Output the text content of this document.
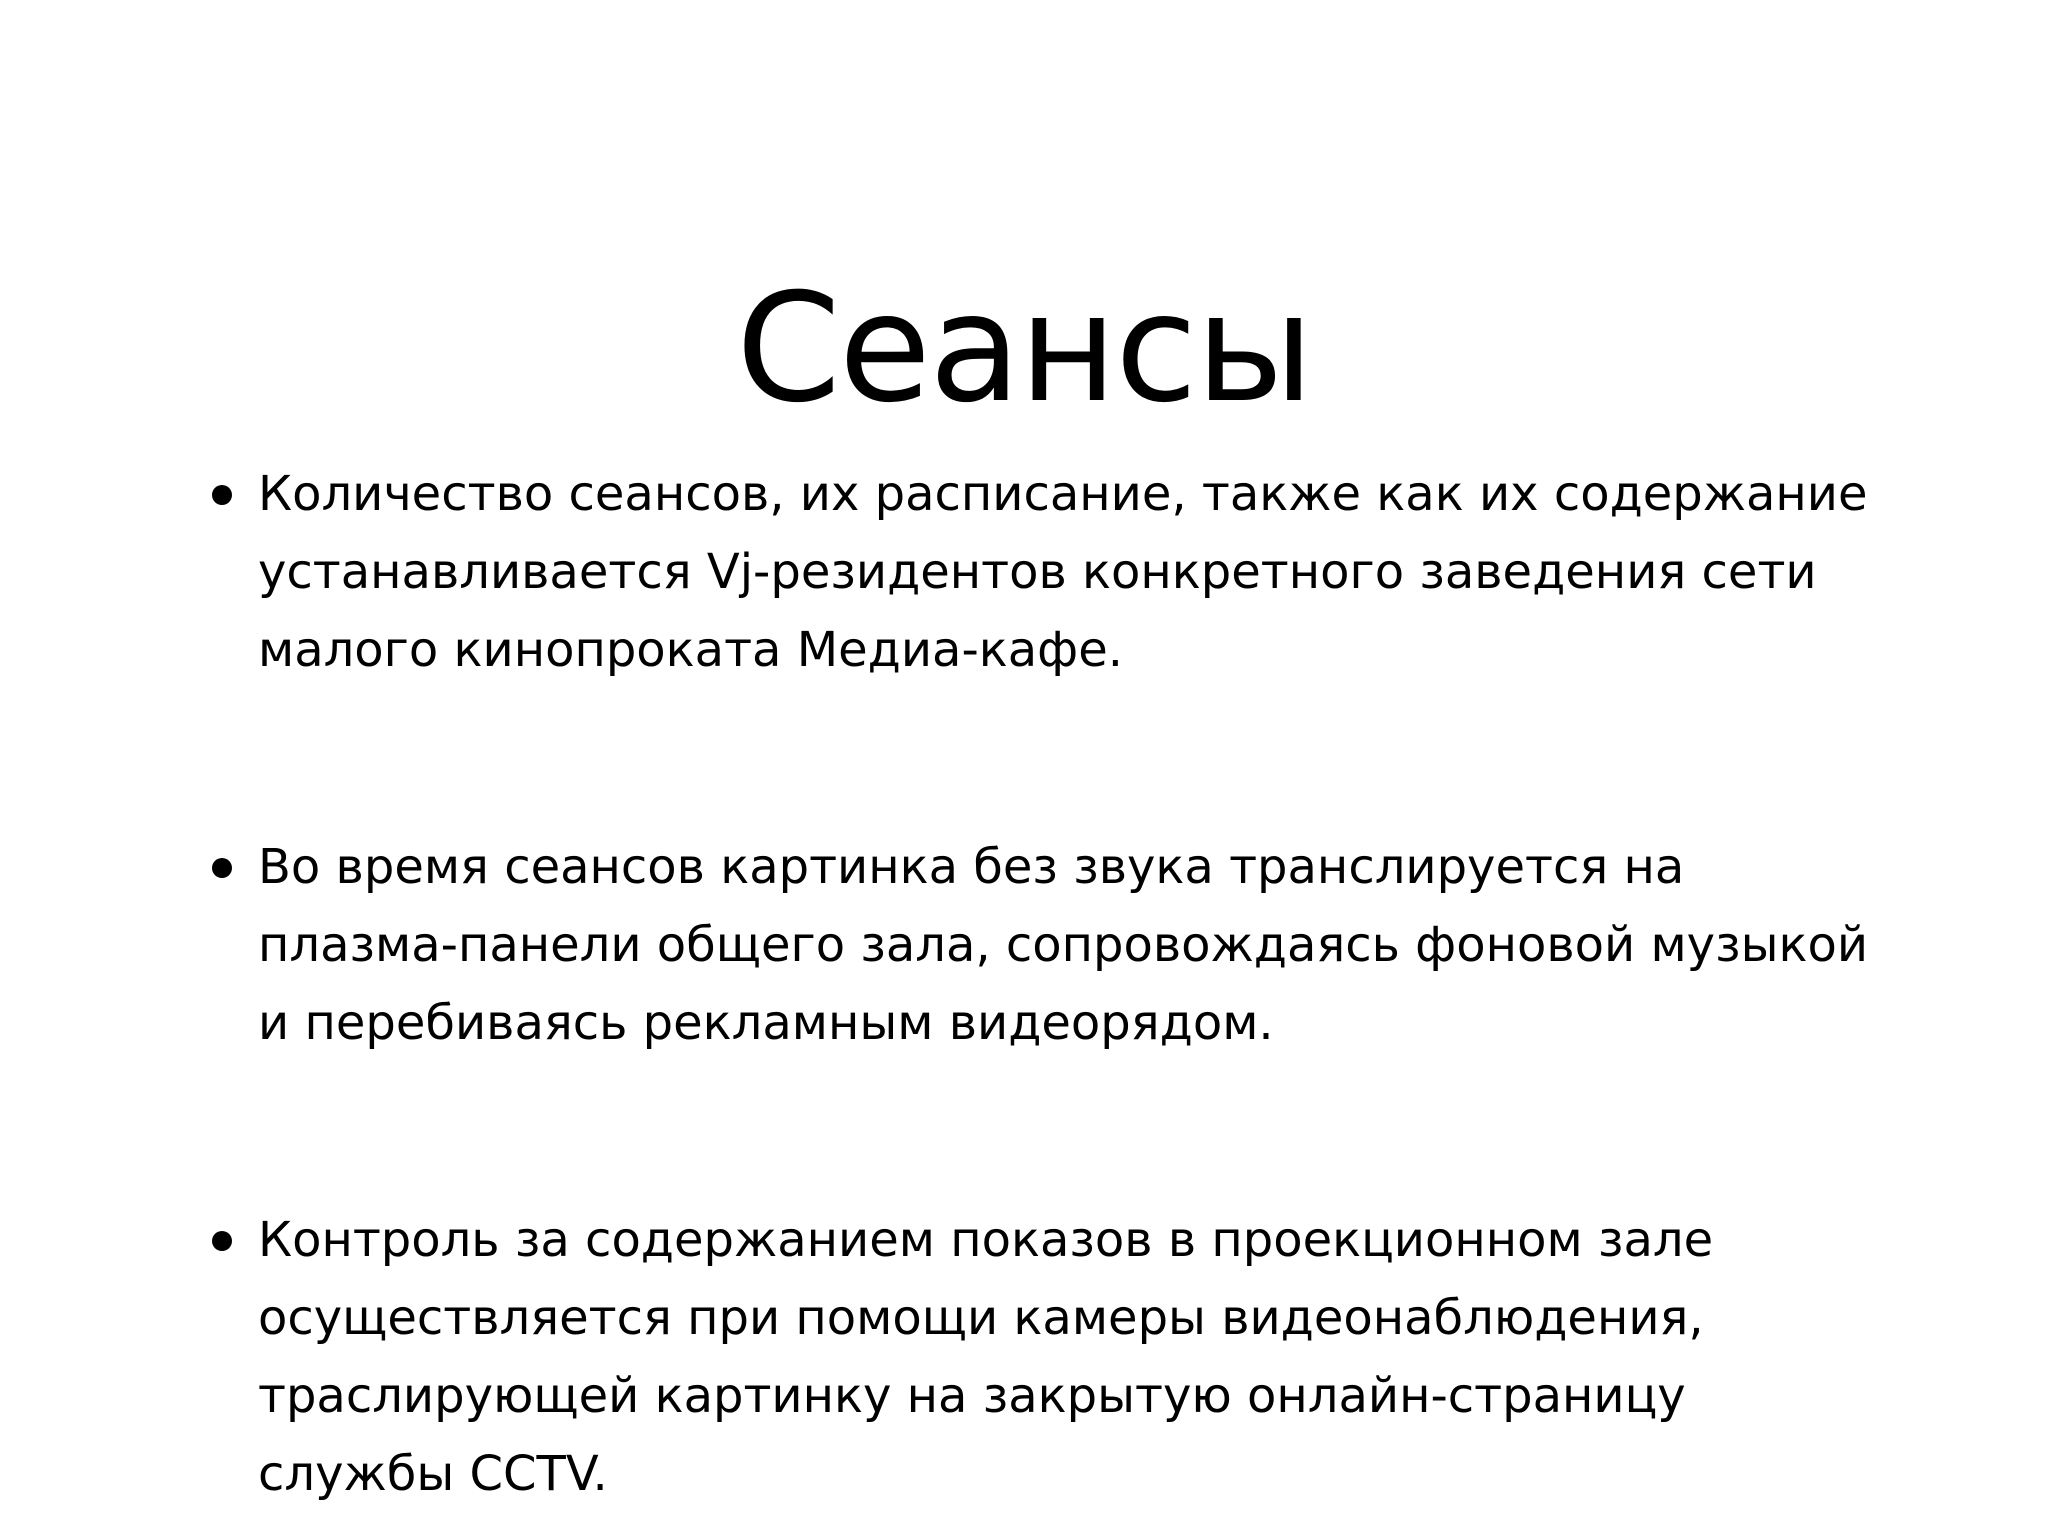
Сеансы
Количество сеансов, их расписание, также как их содержание устанавливается Vj-резидентов конкретного заведения сети малого кинопроката Медиа-кафе.
Во время сеансов картинка без звука транслируется на плазма-панели общего зала, сопровождаясь фоновой музыкой и перебиваясь рекламным видеорядом.
Контроль за содержанием показов в проекционном зале осуществляется при помощи камеры видеонаблюдения, траслирующей картинку на закрытую онлайн-страницу службы CCTV.
